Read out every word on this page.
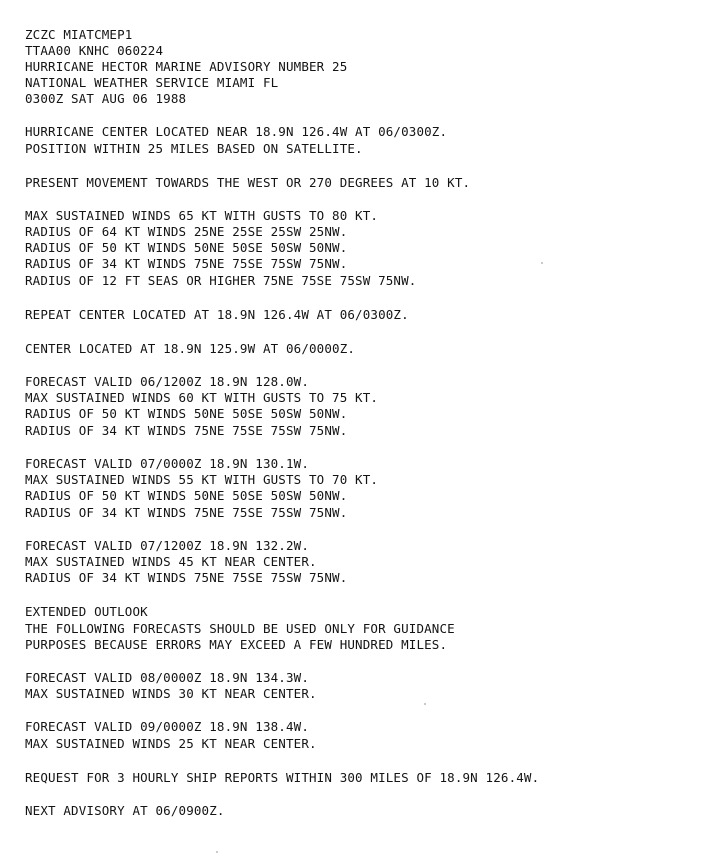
ZCZC MIATCMEP1
TTAA00 KNHC 060224
HURRICANE HECTOR MARINE ADVISORY NUMBER 25
NATIONAL WEATHER SERVICE MIAMI FL
0300Z SAT AUG 06 1988
HURRICANE CENTER LOCATED NEAR 18.9N 126.4W AT 06/0300Z.
POSITION WITHIN 25 MILES BASED ON SATELLITE.
PRESENT MOVEMENT TOWARDS THE WEST OR 270 DEGREES AT 10 KT.
MAX SUSTAINED WINDS 65 KT WITH GUSTS TO 80 KT.
RADIUS OF 64 KT WINDS 25NE 25SE 25SW 25NW.
RADIUS OF 50 KT WINDS 50NE 50SE 50SW 50NW.
RADIUS OF 34 KT WINDS 75NE 75SE 75SW 75NW.
RADIUS OF 12 FT SEAS OR HIGHER 75NE 75SE 75SW 75NW.
REPEAT CENTER LOCATED AT 18.9N 126.4W AT 06/0300Z.
CENTER LOCATED AT 18.9N 125.9W AT 06/0000Z.
FORECAST VALID 06/1200Z 18.9N 128.0W.
MAX SUSTAINED WINDS 60 KT WITH GUSTS TO 75 KT.
RADIUS OF 50 KT WINDS 50NE 50SE 50SW 50NW.
RADIUS OF 34 KT WINDS 75NE 75SE 75SW 75NW.
FORECAST VALID 07/0000Z 18.9N 130.1W.
MAX SUSTAINED WINDS 55 KT WITH GUSTS TO 70 KT.
RADIUS OF 50 KT WINDS 50NE 50SE 50SW 50NW.
RADIUS OF 34 KT WINDS 75NE 75SE 75SW 75NW.
FORECAST VALID 07/1200Z 18.9N 132.2W.
MAX SUSTAINED WINDS 45 KT NEAR CENTER.
RADIUS OF 34 KT WINDS 75NE 75SE 75SW 75NW.
EXTENDED OUTLOOK
THE FOLLOWING FORECASTS SHOULD BE USED ONLY FOR GUIDANCE
PURPOSES BECAUSE ERRORS MAY EXCEED A FEW HUNDRED MILES.
FORECAST VALID 08/0000Z 18.9N 134.3W.
MAX SUSTAINED WINDS 30 KT NEAR CENTER.
FORECAST VALID 09/0000Z 18.9N 138.4W.
MAX SUSTAINED WINDS 25 KT NEAR CENTER.
REQUEST FOR 3 HOURLY SHIP REPORTS WITHIN 300 MILES OF 18.9N 126.4W.
NEXT ADVISORY AT 06/0900Z.
